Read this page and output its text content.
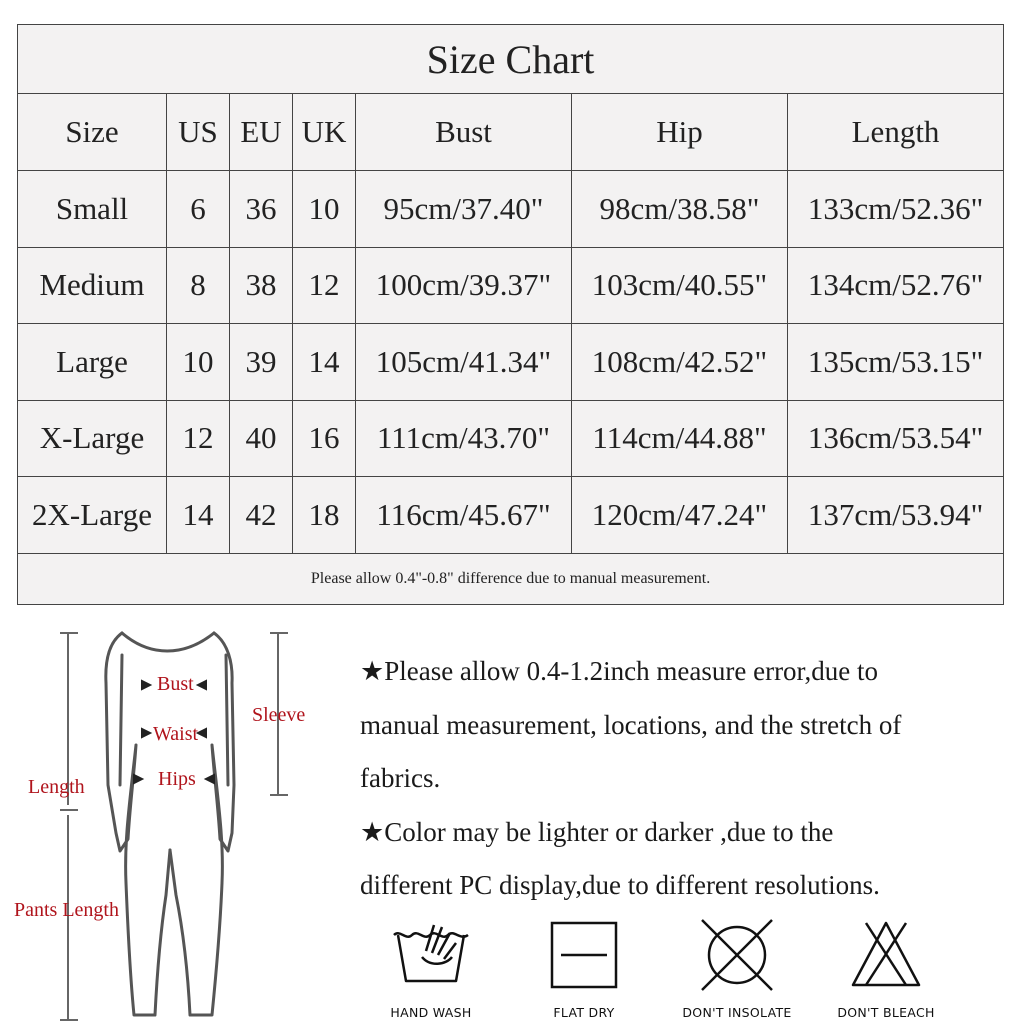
Size Chart						
Size	US	EU	UK	Bust	Hip	Length
Small	6	36	10	95cm/37.40"	98cm/38.58"	133cm/52.36"
Medium	8	38	12	100cm/39.37"	103cm/40.55"	134cm/52.76"
Large	10	39	14	105cm/41.34"	108cm/42.52"	135cm/53.15"
X-Large	12	40	16	111cm/43.70"	114cm/44.88"	136cm/53.54"
2X-Large	14	42	18	116cm/45.67"	120cm/47.24"	137cm/53.94"
Please allow 0.4"-0.8" difference due to manual measurement.						
Bust
Waist
Hips
Sleeve
Length
Pants Length

★Please allow 0.4-1.2inch measure error,due to

manual measurement, locations, and the stretch of

fabrics.

★Color may be lighter or darker ,due to the

different PC display,due to different resolutions.

HAND WASH	FLAT DRY	DON'T INSOLATE	DON'T BLEACH
